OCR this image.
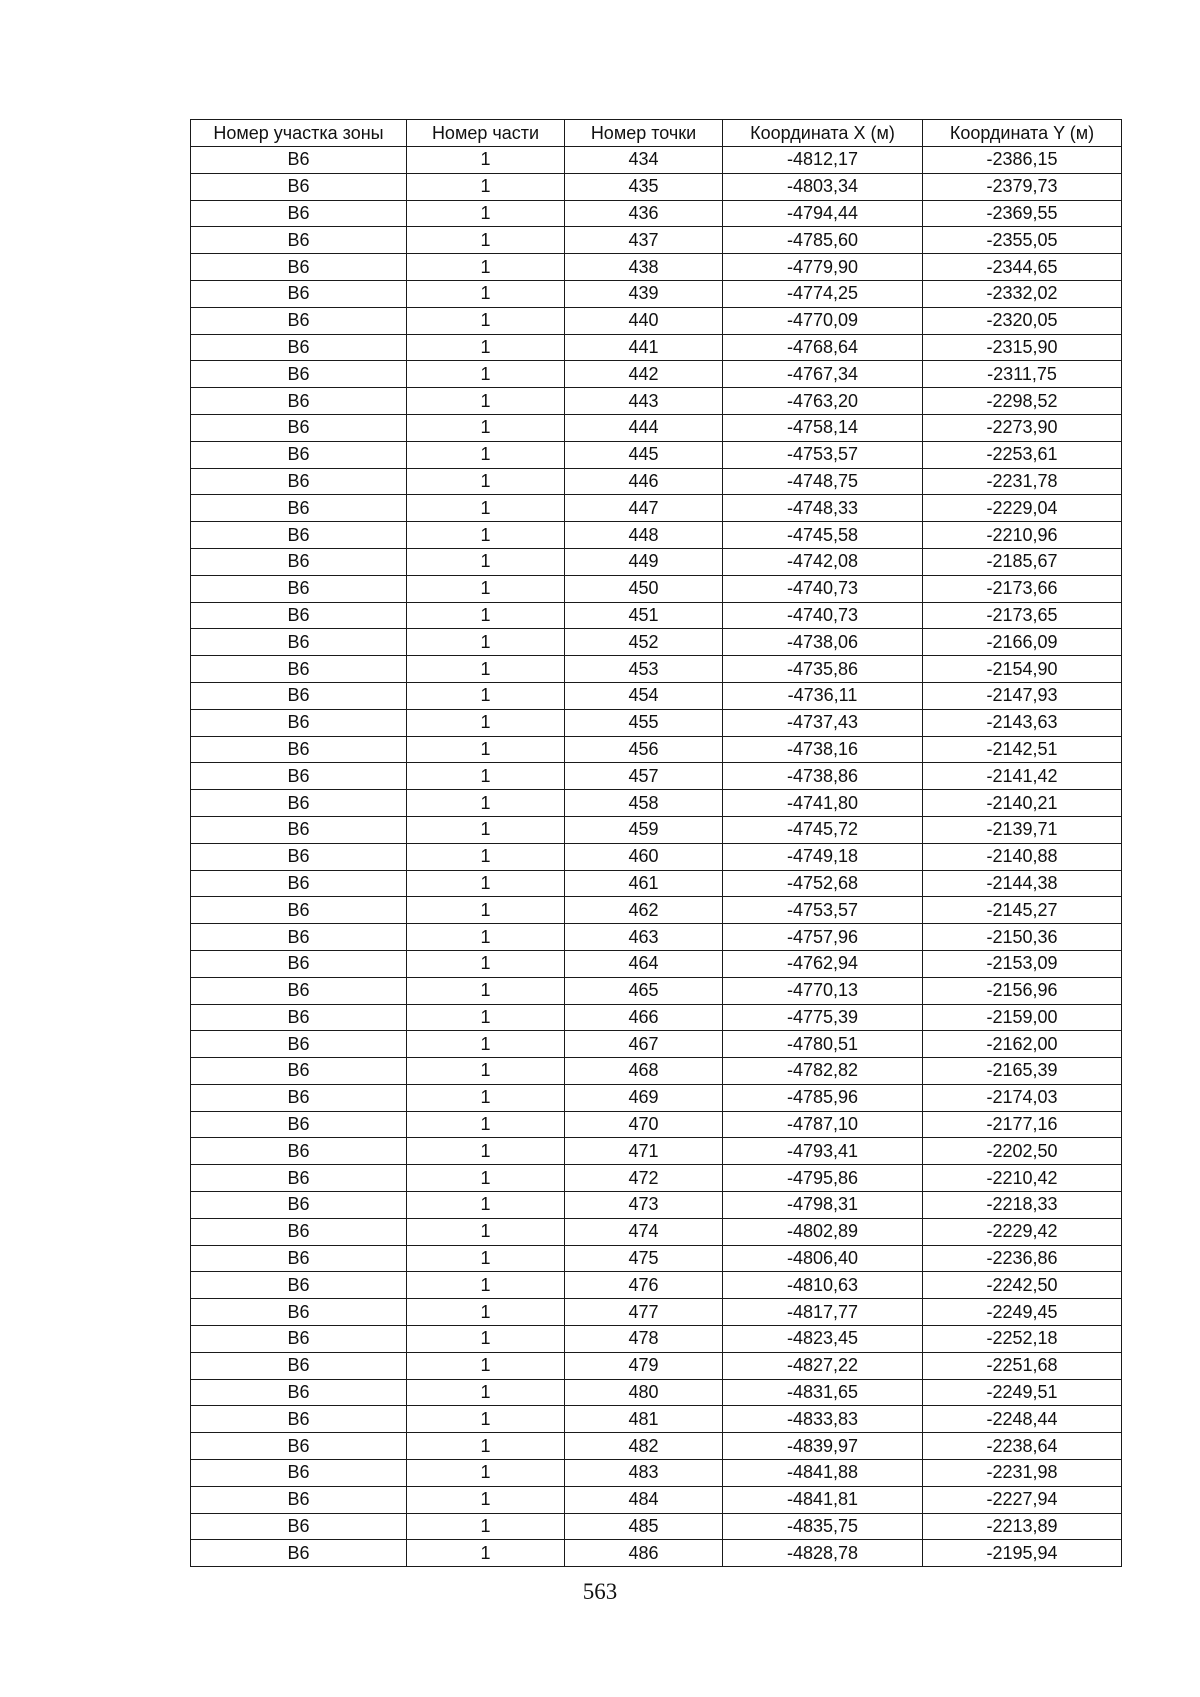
Номер участка зоны	Номер части	Номер точки	Координата X (м)	Координата Y (м)
В6	1	434	-4812,17	-2386,15
В6	1	435	-4803,34	-2379,73
В6	1	436	-4794,44	-2369,55
В6	1	437	-4785,60	-2355,05
В6	1	438	-4779,90	-2344,65
В6	1	439	-4774,25	-2332,02
В6	1	440	-4770,09	-2320,05
В6	1	441	-4768,64	-2315,90
В6	1	442	-4767,34	-2311,75
В6	1	443	-4763,20	-2298,52
В6	1	444	-4758,14	-2273,90
В6	1	445	-4753,57	-2253,61
В6	1	446	-4748,75	-2231,78
В6	1	447	-4748,33	-2229,04
В6	1	448	-4745,58	-2210,96
В6	1	449	-4742,08	-2185,67
В6	1	450	-4740,73	-2173,66
В6	1	451	-4740,73	-2173,65
В6	1	452	-4738,06	-2166,09
В6	1	453	-4735,86	-2154,90
В6	1	454	-4736,11	-2147,93
В6	1	455	-4737,43	-2143,63
В6	1	456	-4738,16	-2142,51
В6	1	457	-4738,86	-2141,42
В6	1	458	-4741,80	-2140,21
В6	1	459	-4745,72	-2139,71
В6	1	460	-4749,18	-2140,88
В6	1	461	-4752,68	-2144,38
В6	1	462	-4753,57	-2145,27
В6	1	463	-4757,96	-2150,36
В6	1	464	-4762,94	-2153,09
В6	1	465	-4770,13	-2156,96
В6	1	466	-4775,39	-2159,00
В6	1	467	-4780,51	-2162,00
В6	1	468	-4782,82	-2165,39
В6	1	469	-4785,96	-2174,03
В6	1	470	-4787,10	-2177,16
В6	1	471	-4793,41	-2202,50
В6	1	472	-4795,86	-2210,42
В6	1	473	-4798,31	-2218,33
В6	1	474	-4802,89	-2229,42
В6	1	475	-4806,40	-2236,86
В6	1	476	-4810,63	-2242,50
В6	1	477	-4817,77	-2249,45
В6	1	478	-4823,45	-2252,18
В6	1	479	-4827,22	-2251,68
В6	1	480	-4831,65	-2249,51
В6	1	481	-4833,83	-2248,44
В6	1	482	-4839,97	-2238,64
В6	1	483	-4841,88	-2231,98
В6	1	484	-4841,81	-2227,94
В6	1	485	-4835,75	-2213,89
В6	1	486	-4828,78	-2195,94
563
